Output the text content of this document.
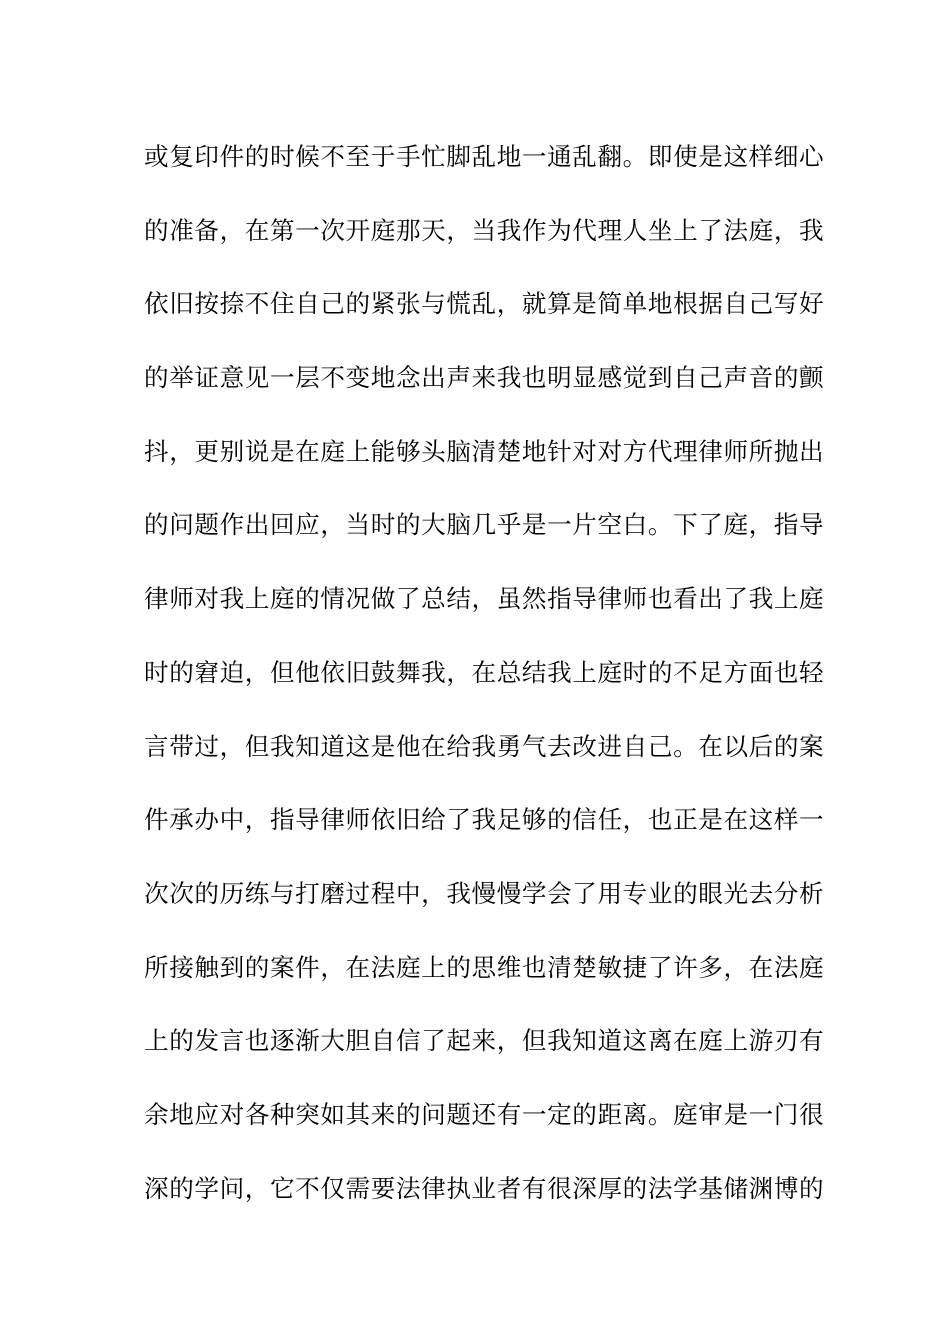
或复印件的时候不至于手忙脚乱地一通乱翻。即使是这样细心
的准备，在第一次开庭那天，当我作为代理人坐上了法庭，我
依旧按捺不住自己的紧张与慌乱，就算是简单地根据自己写好
的举证意见一层不变地念出声来我也明显感觉到自己声音的颤
抖，更别说是在庭上能够头脑清楚地针对对方代理律师所抛出
的问题作出回应，当时的大脑几乎是一片空白。下了庭，指导
律师对我上庭的情况做了总结，虽然指导律师也看出了我上庭
时的窘迫，但他依旧鼓舞我，在总结我上庭时的不足方面也轻
言带过，但我知道这是他在给我勇气去改进自己。在以后的案
件承办中，指导律师依旧给了我足够的信任，也正是在这样一
次次的历练与打磨过程中，我慢慢学会了用专业的眼光去分析
所接触到的案件，在法庭上的思维也清楚敏捷了许多，在法庭
上的发言也逐渐大胆自信了起来，但我知道这离在庭上游刃有
余地应对各种突如其来的问题还有一定的距离。庭审是一门很
深的学问，它不仅需要法律执业者有很深厚的法学基储渊博的
